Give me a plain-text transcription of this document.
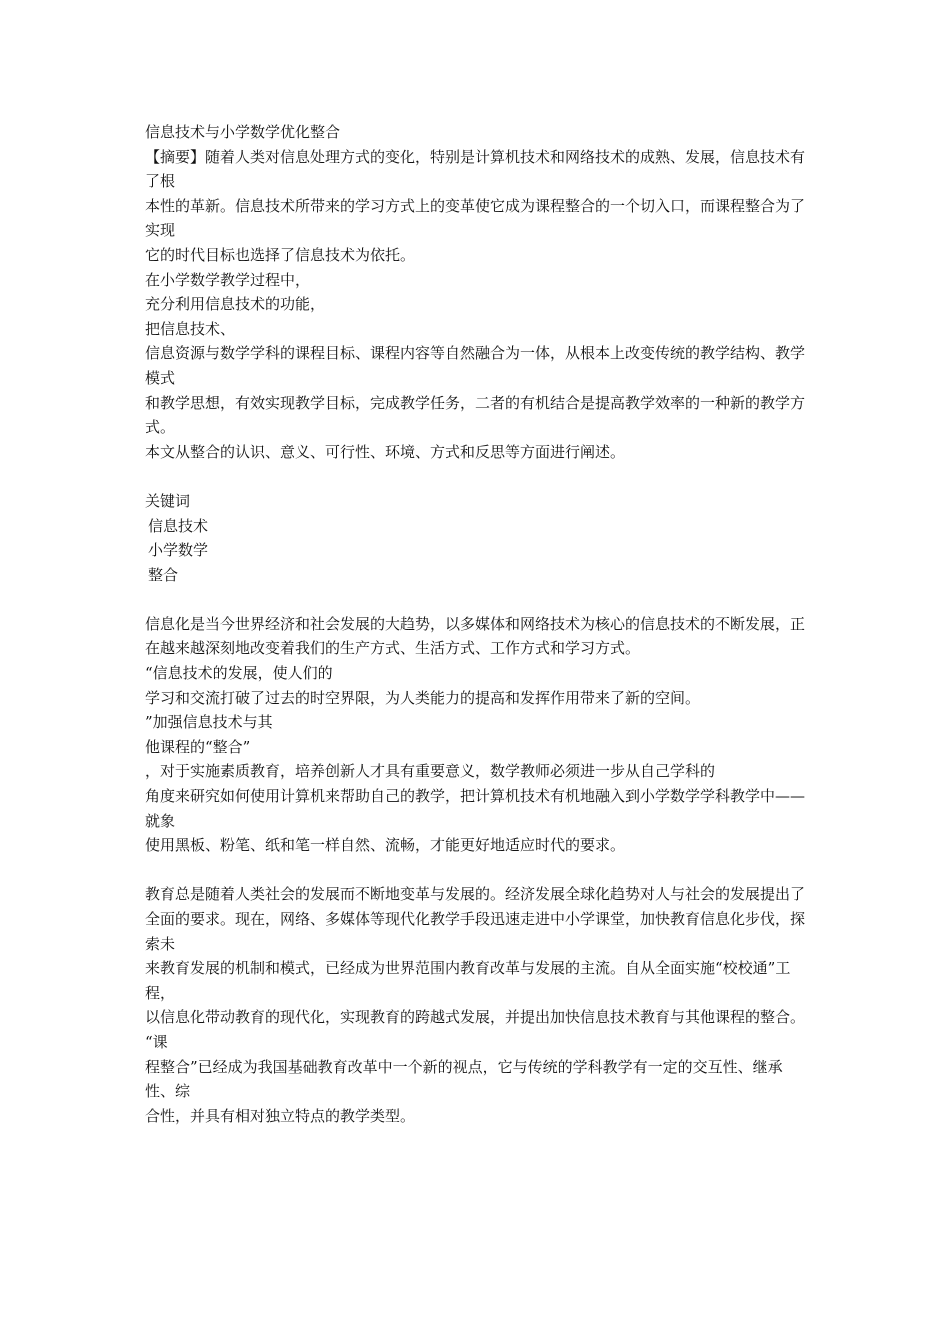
信息技术与小学数学优化整合
【摘要】随着人类对信息处理方式的变化，特别是计算机技术和网络技术的成熟、发展，信息技术有了根
本性的革新。信息技术所带来的学习方式上的变革使它成为课程整合的一个切入口，而课程整合为了实现
它的时代目标也选择了信息技术为依托。
在小学数学教学过程中，
充分利用信息技术的功能，
把信息技术、
信息资源与数学学科的课程目标、课程内容等自然融合为一体，从根本上改变传统的教学结构、教学模式
和教学思想，有效实现教学目标，完成教学任务，二者的有机结合是提高教学效率的一种新的教学方式。
本文从整合的认识、意义、可行性、环境、方式和反思等方面进行阐述。
关键词
信息技术
小学数学
整合
信息化是当今世界经济和社会发展的大趋势，以多媒体和网络技术为核心的信息技术的不断发展，正
在越来越深刻地改变着我们的生产方式、生活方式、工作方式和学习方式。
“信息技术的发展，使人们的
学习和交流打破了过去的时空界限，为人类能力的提高和发挥作用带来了新的空间。
”加强信息技术与其
他课程的“整合”
，对于实施素质教育，培养创新人才具有重要意义，数学教师必须进一步从自己学科的
角度来研究如何使用计算机来帮助自己的教学，把计算机技术有机地融入到小学数学学科教学中——就象
使用黑板、粉笔、纸和笔一样自然、流畅，才能更好地适应时代的要求。
教育总是随着人类社会的发展而不断地变革与发展的。经济发展全球化趋势对人与社会的发展提出了
全面的要求。现在，网络、多媒体等现代化教学手段迅速走进中小学课堂，加快教育信息化步伐，探索未
来教育发展的机制和模式，已经成为世界范围内教育改革与发展的主流。自从全面实施“校校通”工程，
以信息化带动教育的现代化，实现教育的跨越式发展，并提出加快信息技术教育与其他课程的整合。
“课
程整合”已经成为我国基础教育改革中一个新的视点，它与传统的学科教学有一定的交互性、继承性、综
合性，并具有相对独立特点的教学类型。
